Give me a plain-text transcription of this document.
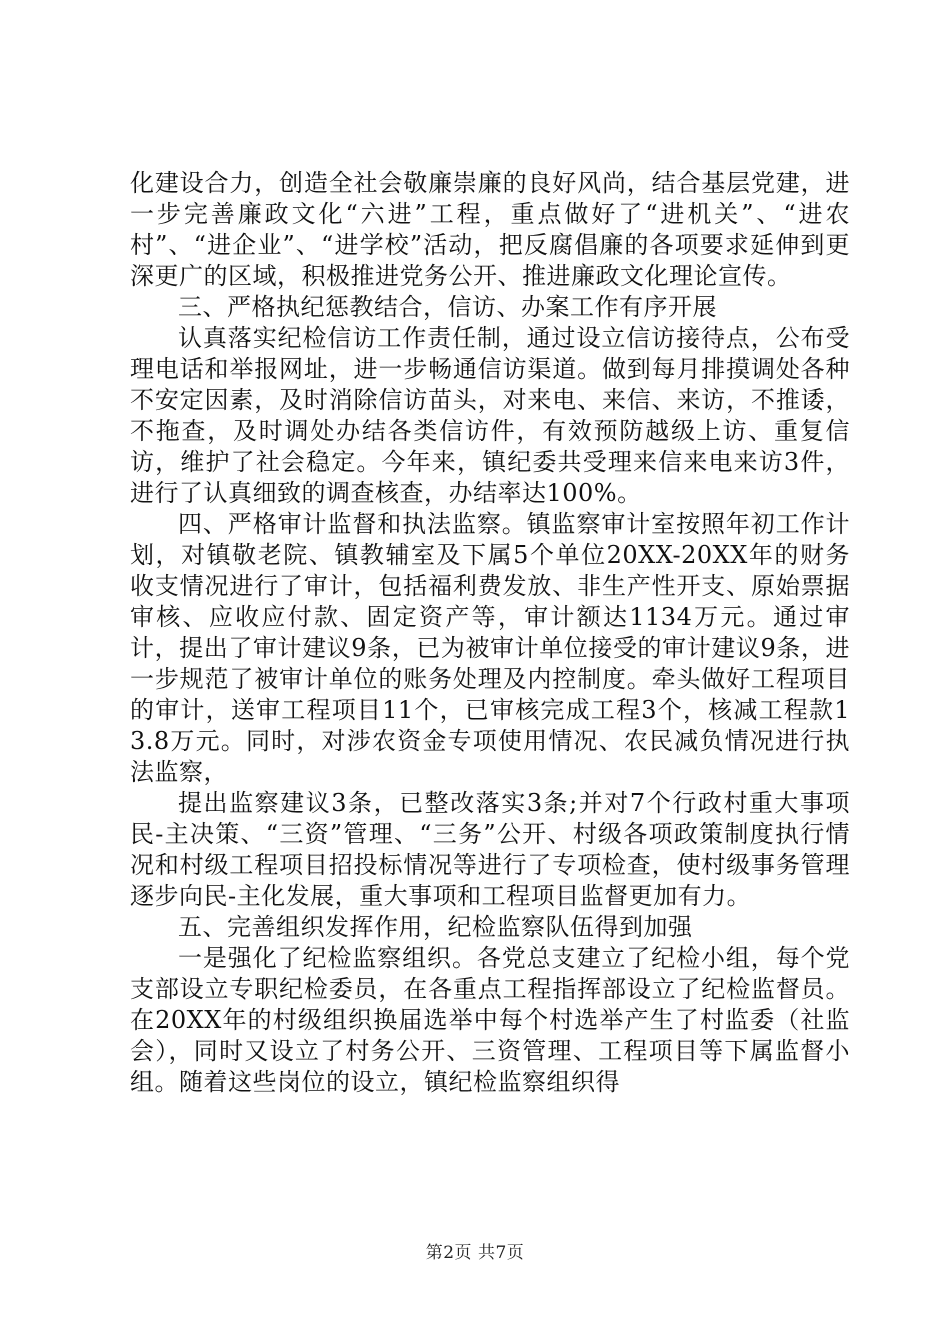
化建设合力，创造全社会敬廉崇廉的良好风尚，结合基层党建，进一步完善廉政文化“六进”工程，重点做好了“进机关”、“进农村”、“进企业”、“进学校”活动，把反腐倡廉的各项要求延伸到更深更广的区域，积极推进党务公开、推进廉政文化理论宣传。

三、严格执纪惩教结合，信访、办案工作有序开展

认真落实纪检信访工作责任制，通过设立信访接待点，公布受理电话和举报网址，进一步畅通信访渠道。做到每月排摸调处各种不安定因素，及时消除信访苗头，对来电、来信、来访，不推诿，不拖查，及时调处办结各类信访件，有效预防越级上访、重复信访，维护了社会稳定。今年来，镇纪委共受理来信来电来访3件，进行了认真细致的调查核查，办结率达100%。

四、严格审计监督和执法监察。镇监察审计室按照年初工作计划，对镇敬老院、镇教辅室及下属5个单位20XX-20XX年的财务收支情况进行了审计，包括福利费发放、非生产性开支、原始票据审核、应收应付款、固定资产等，审计额达1134万元。通过审计，提出了审计建议9条，已为被审计单位接受的审计建议9条，进一步规范了被审计单位的账务处理及内控制度。牵头做好工程项目的审计，送审工程项目11个，已审核完成工程3个，核减工程款13.8万元。同时，对涉农资金专项使用情况、农民减负情况进行执法监察，

提出监察建议3条，已整改落实3条;并对7个行政村重大事项民-主决策、“三资”管理、“三务”公开、村级各项政策制度执行情况和村级工程项目招投标情况等进行了专项检查，使村级事务管理逐步向民-主化发展，重大事项和工程项目监督更加有力。

五、完善组织发挥作用，纪检监察队伍得到加强

一是强化了纪检监察组织。各党总支建立了纪检小组，每个党支部设立专职纪检委员，在各重点工程指挥部设立了纪检监督员。在20XX年的村级组织换届选举中每个村选举产生了村监委（社监会），同时又设立了村务公开、三资管理、工程项目等下属监督小组。随着这些岗位的设立，镇纪检监察组织得

第2页 共7页
